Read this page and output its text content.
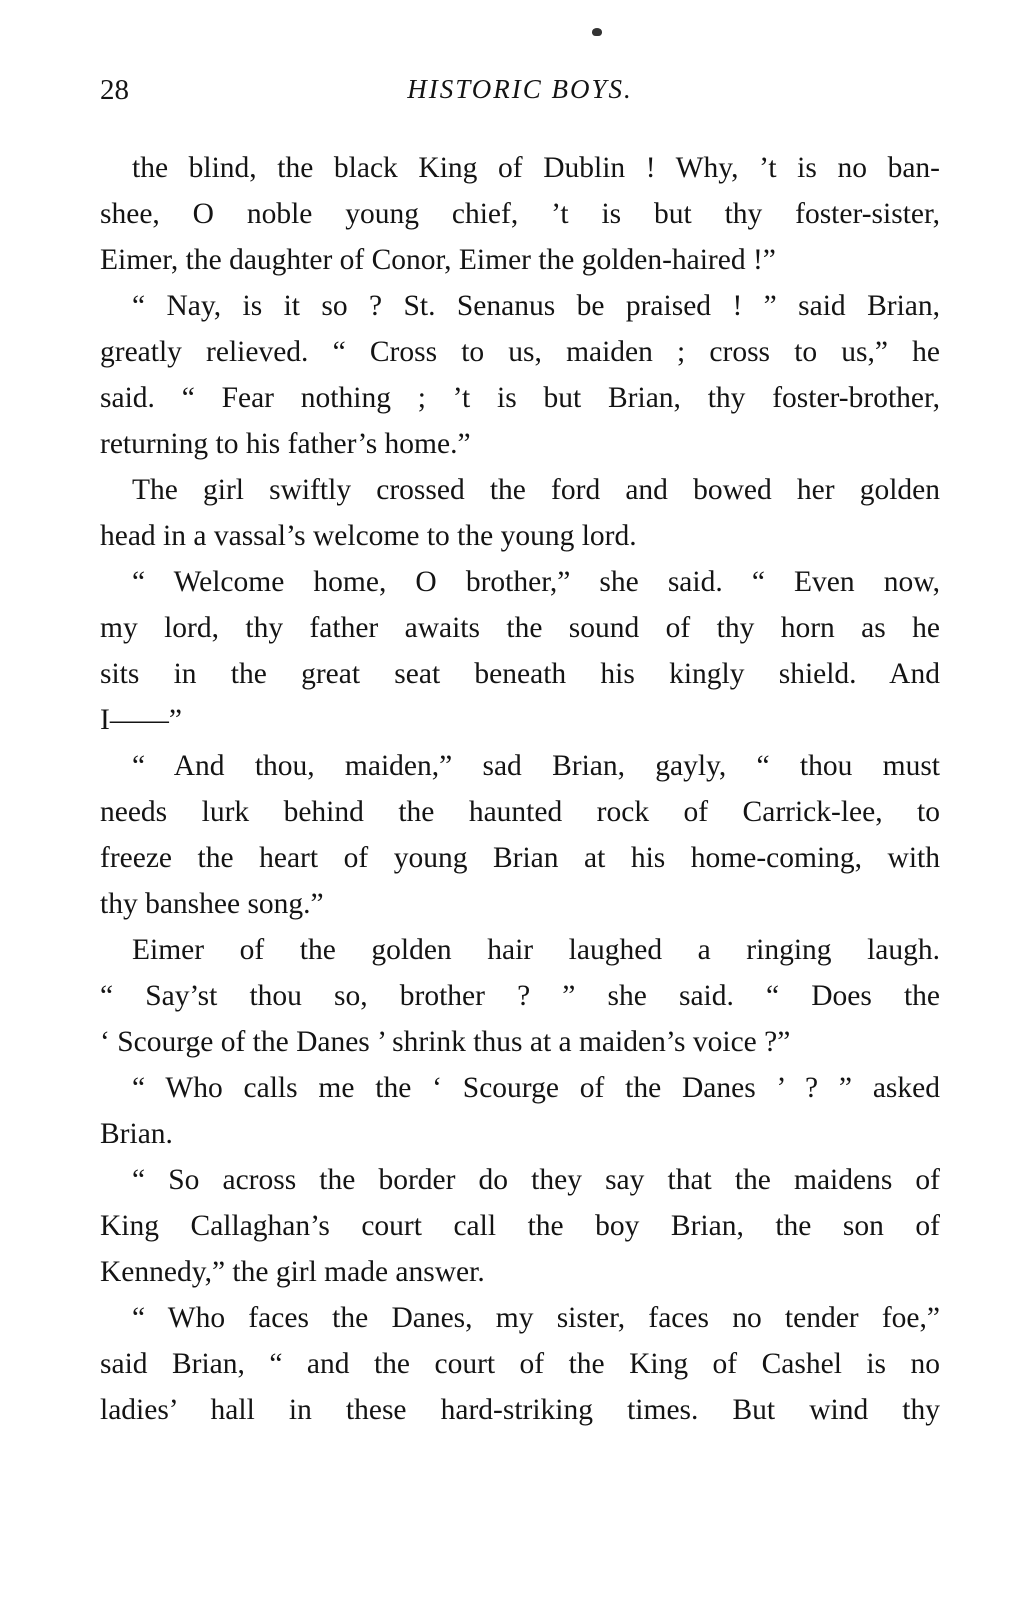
28	HISTORIC BOYS.

the blind, the black King of Dublin ! Why, ’t is no ban-
shee, O noble young chief, ’t is but thy foster-sister,
Eimer, the daughter of Conor, Eimer the golden-haired !”

“ Nay, is it so ? St. Senanus be praised ! ” said Brian,
greatly relieved. “ Cross to us, maiden ; cross to us,” he
said. “ Fear nothing ; ’t is but Brian, thy foster-brother,
returning to his father’s home.”

The girl swiftly crossed the ford and bowed her golden
head in a vassal’s welcome to the young lord.

“ Welcome home, O brother,” she said. “ Even now,
my lord, thy father awaits the sound of thy horn as he
sits in the great seat beneath his kingly shield. And
I——”

“ And thou, maiden,” sad Brian, gayly, “ thou must
needs lurk behind the haunted rock of Carrick-lee, to
freeze the heart of young Brian at his home-coming, with
thy banshee song.”

Eimer of the golden hair laughed a ringing laugh.
“ Say’st thou so, brother ? ” she said. “ Does the
‘ Scourge of the Danes ’ shrink thus at a maiden’s voice ?”

“ Who calls me the ‘ Scourge of the Danes ’ ? ” asked
Brian.

“ So across the border do they say that the maidens of
King Callaghan’s court call the boy Brian, the son of
Kennedy,” the girl made answer.

“ Who faces the Danes, my sister, faces no tender foe,”
said Brian, “ and the court of the King of Cashel is no
ladies’ hall in these hard-striking times. But wind thy
